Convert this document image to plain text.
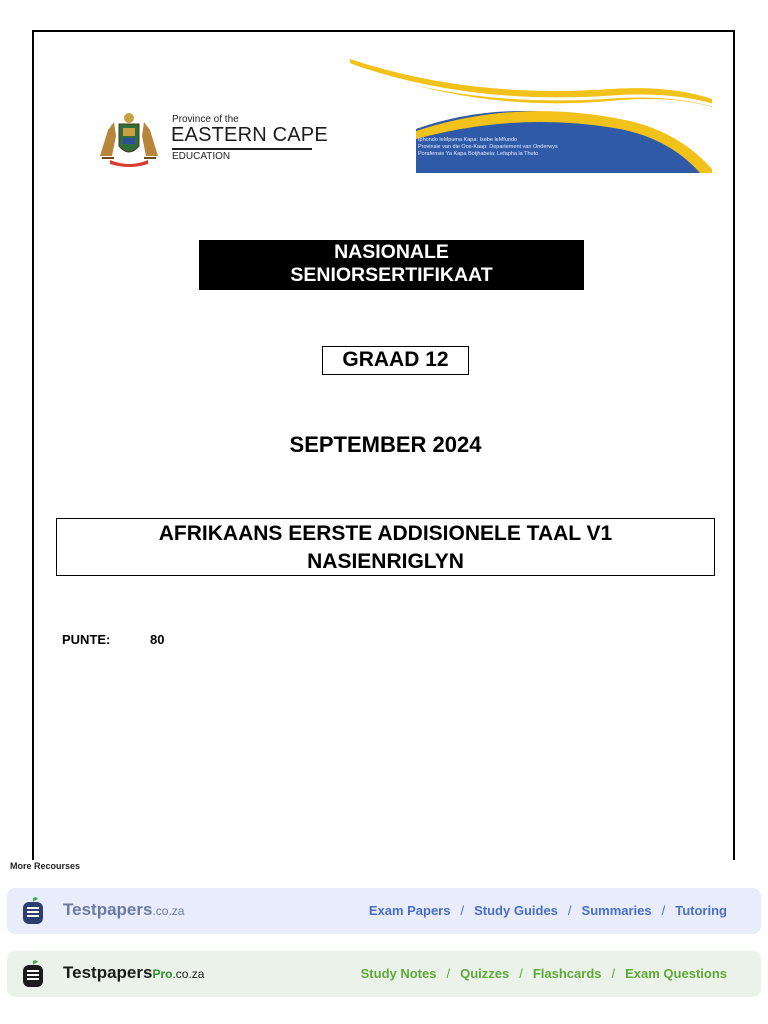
Province of the
EASTERN CAPE
EDUCATION
Iphondo leMpuma Kapa: Isebe leMfundo
Provinsie van die Oos-Kaap: Departement van Onderwys
Porafensie Ya Kapa Botjhabela: Lefapha la Thuto
NASIONALE
SENIORSERTIFIKAAT
GRAAD 12
SEPTEMBER 2024
AFRIKAANS EERSTE ADDISIONELE TAAL V1
NASIENRIGLYN
PUNTE:	80
More Recourses
Testpapers.co.za	Exam Papers / Study Guides / Summaries / Tutoring
TestpapersPro.co.za	Study Notes / Quizzes / Flashcards / Exam Questions
